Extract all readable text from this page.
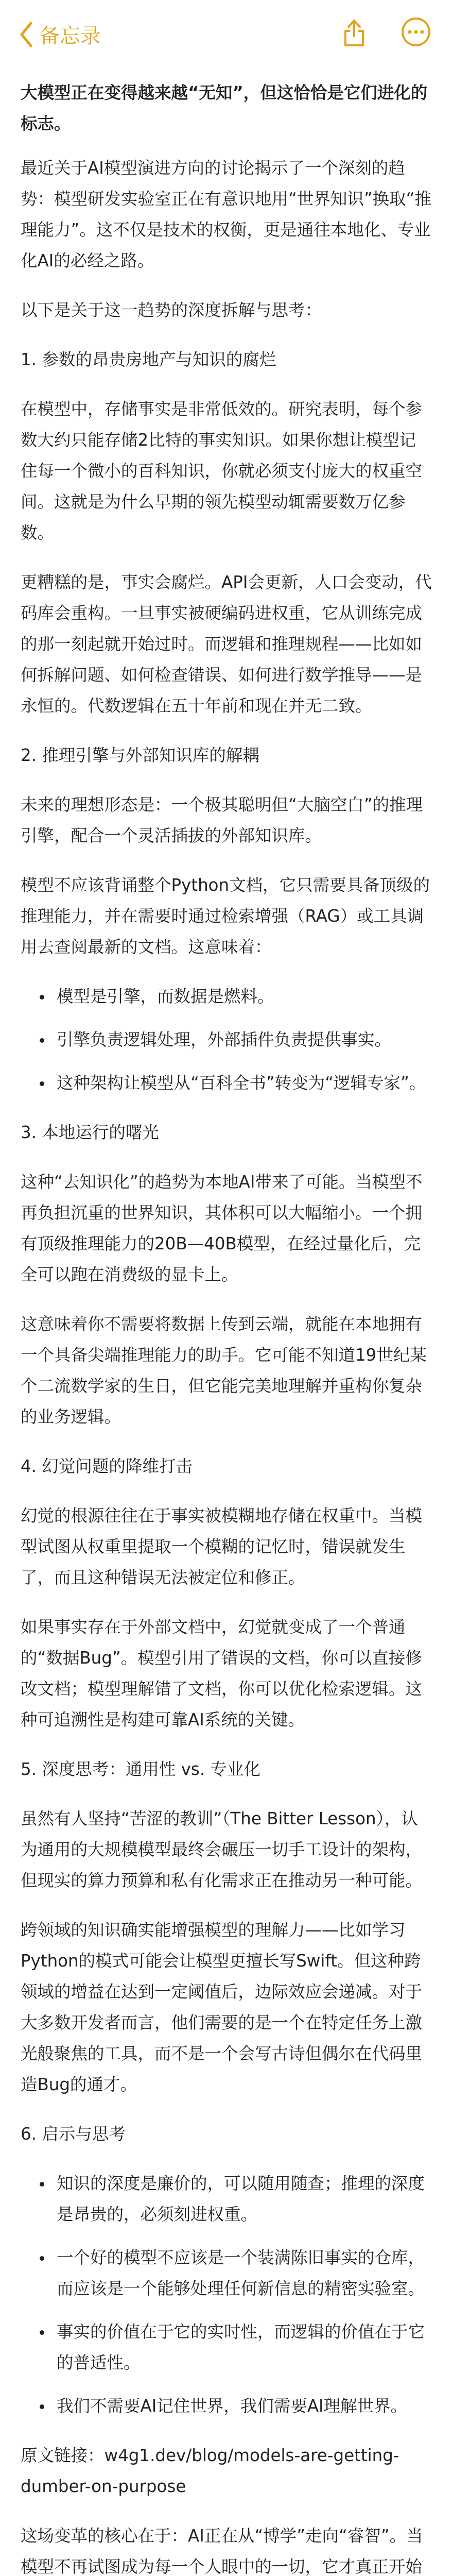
备忘录

大模型正在变得越来越“无知”，但这恰恰是它们进化的标志。

最近关于AI模型演进方向的讨论揭示了一个深刻的趋势：模型研发实验室正在有意识地用“世界知识”换取“推理能力”。这不仅是技术的权衡，更是通往本地化、专业化AI的必经之路。

以下是关于这一趋势的深度拆解与思考：

1. 参数的昂贵房地产与知识的腐烂

在模型中，存储事实是非常低效的。研究表明，每个参数大约只能存储2比特的事实知识。如果你想让模型记住每一个微小的百科知识，你就必须支付庞大的权重空间。这就是为什么早期的领先模型动辄需要数万亿参数。

更糟糕的是，事实会腐烂。API会更新，人口会变动，代码库会重构。一旦事实被硬编码进权重，它从训练完成的那一刻起就开始过时。而逻辑和推理规程——比如如何拆解问题、如何检查错误、如何进行数学推导——是永恒的。代数逻辑在五十年前和现在并无二致。

2. 推理引擎与外部知识库的解耦

未来的理想形态是：一个极其聪明但“大脑空白”的推理引擎，配合一个灵活插拔的外部知识库。

模型不应该背诵整个Python文档，它只需要具备顶级的推理能力，并在需要时通过检索增强（RAG）或工具调用去查阅最新的文档。这意味着：

• 模型是引擎，而数据是燃料。
• 引擎负责逻辑处理，外部插件负责提供事实。
• 这种架构让模型从“百科全书”转变为“逻辑专家”。

3. 本地运行的曙光

这种“去知识化”的趋势为本地AI带来了可能。当模型不再负担沉重的世界知识，其体积可以大幅缩小。一个拥有顶级推理能力的20B—40B模型，在经过量化后，完全可以跑在消费级的显卡上。

这意味着你不需要将数据上传到云端，就能在本地拥有一个具备尖端推理能力的助手。它可能不知道19世纪某个二流数学家的生日，但它能完美地理解并重构你复杂的业务逻辑。

4. 幻觉问题的降维打击

幻觉的根源往往在于事实被模糊地存储在权重中。当模型试图从权重里提取一个模糊的记忆时，错误就发生了，而且这种错误无法被定位和修正。

如果事实存在于外部文档中，幻觉就变成了一个普通的“数据Bug”。模型引用了错误的文档，你可以直接修改文档；模型理解错了文档，你可以优化检索逻辑。这种可追溯性是构建可靠AI系统的关键。

5. 深度思考：通用性 vs. 专业化

虽然有人坚持“苦涩的教训”（The Bitter Lesson），认为通用的大规模模型最终会碾压一切手工设计的架构，但现实的算力预算和私有化需求正在推动另一种可能。

跨领域的知识确实能增强模型的理解力——比如学习Python的模式可能会让模型更擅长写Swift。但这种跨领域的增益在达到一定阈值后，边际效应会递减。对于大多数开发者而言，他们需要的是一个在特定任务上激光般聚焦的工具，而不是一个会写古诗但偶尔在代码里造Bug的通才。

6. 启示与思考

• 知识的深度是廉价的，可以随用随查；推理的深度是昂贵的，必须刻进权重。
• 一个好的模型不应该是一个装满陈旧事实的仓库，而应该是一个能够处理任何新信息的精密实验室。
• 事实的价值在于它的实时性，而逻辑的价值在于它的普适性。
• 我们不需要AI记住世界，我们需要AI理解世界。

原文链接：w4g1.dev/blog/models-are-getting-dumber-on-purpose

这场变革的核心在于：AI正在从“博学”走向“睿智”。当模型不再试图成为每一个人眼中的一切，它才真正开始
